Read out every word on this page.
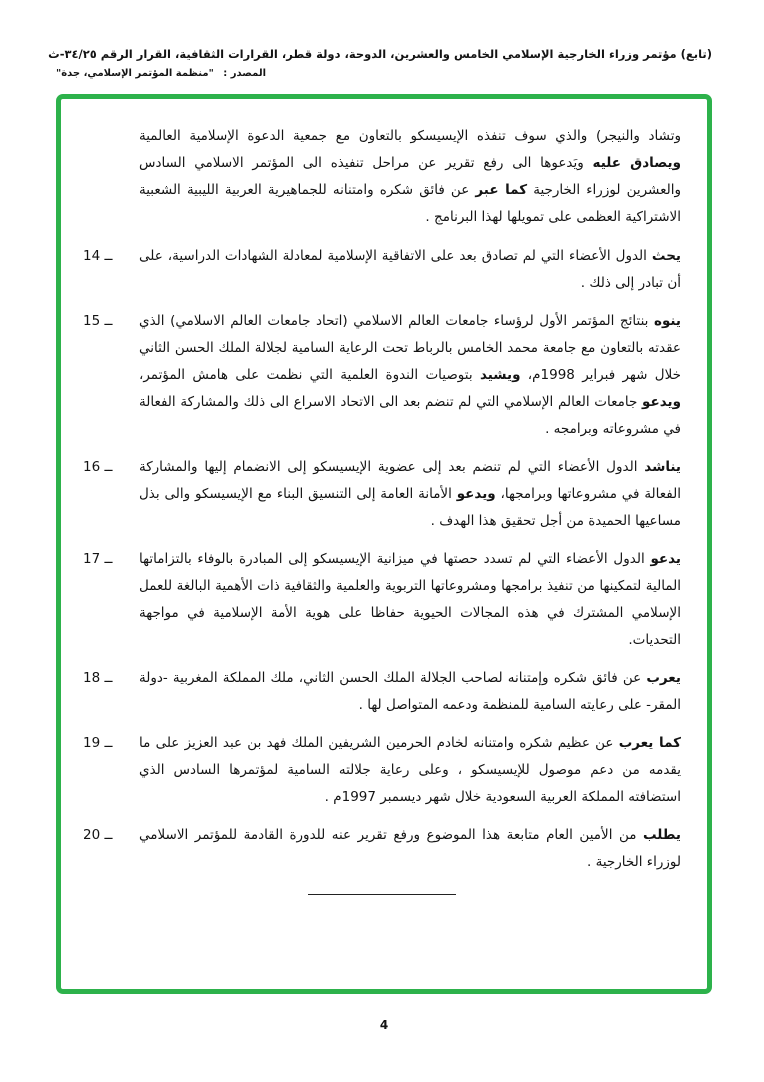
(تابع) مؤتمر وزراء الخارجية الإسلامي الخامس والعشرين، الدوحة، دولة قطر، القرارات الثقافية، القرار الرقم ٣٤/٢٥-ث
المصدر : "منظمة المؤتمر الإسلامي، جدة"

وتشاد والنيجر) والذي سوف تنفذه الإيسيسكو بالتعاون مع جمعية الدعوة الإسلامية العالمية ويصادق عليه ويَدعوها الى رفع تقرير عن مراحل تنفيذه الى المؤتمر الاسلامي السادس والعشرين لوزراء الخارجية كما عبر عن فائق شكره وامتنانه للجماهيرية العربية الليبية الشعبية الاشتراكية العظمى على تمويلها لهذا البرنامج .

14 ــ	يحث الدول الأعضاء التي لم تصادق بعد على الاتفاقية الإسلامية لمعادلة الشهادات الدراسية، على أن تبادر إلى ذلك .
15 ــ	ينوه بنتائج المؤتمر الأول لرؤساء جامعات العالم الاسلامي (اتحاد جامعات العالم الاسلامي) الذي عقدته بالتعاون مع جامعة محمد الخامس بالرباط تحت الرعاية السامية لجلالة الملك الحسن الثاني خلال شهر فبراير 1998م، ويشيد بتوصيات الندوة العلمية التي نظمت على هامش المؤتمر، ويدعو جامعات العالم الإسلامي التي لم تنضم بعد الى الاتحاد الاسراع الى ذلك والمشاركة الفعالة في مشروعاته وبرامجه .
16 ــ	يناشد الدول الأعضاء التي لم تنضم بعد إلى عضوية الإيسيسكو إلى الانضمام إليها والمشاركة الفعالة في مشروعاتها وبرامجها، ويدعو الأمانة العامة إلى التنسيق البناء مع الإيسيسكو والى بذل مساعيها الحميدة من أجل تحقيق هذا الهدف .
17 ــ	يدعو الدول الأعضاء التي لم تسدد حصتها في ميزانية الإيسيسكو إلى المبادرة بالوفاء بالتزاماتها المالية لتمكينها من تنفيذ برامجها ومشروعاتها التربوية والعلمية والثقافية ذات الأهمية البالغة للعمل الإسلامي المشترك في هذه المجالات الحيوية حفاظا على هوية الأمة الإسلامية في مواجهة التحديات.
18 ــ	يعرب عن فائق شكره وإمتنانه لصاحب الجلالة الملك الحسن الثاني، ملك المملكة المغربية -دولة المقر- على رعايته السامية للمنظمة ودعمه المتواصل لها .
19 ــ	كما يعرب عن عظيم شكره وامتنانه لخادم الحرمين الشريفين الملك فهد بن عبد العزيز على ما يقدمه من دعم موصول للإيسيسكو ، وعلى رعاية جلالته السامية لمؤتمرها السادس الذي استضافته المملكة العربية السعودية خلال شهر ديسمبر 1997م .
20 ــ	يطلب من الأمين العام متابعة هذا الموضوع ورفع تقرير عنه للدورة القادمة للمؤتمر الاسلامي لوزراء الخارجية .
4
